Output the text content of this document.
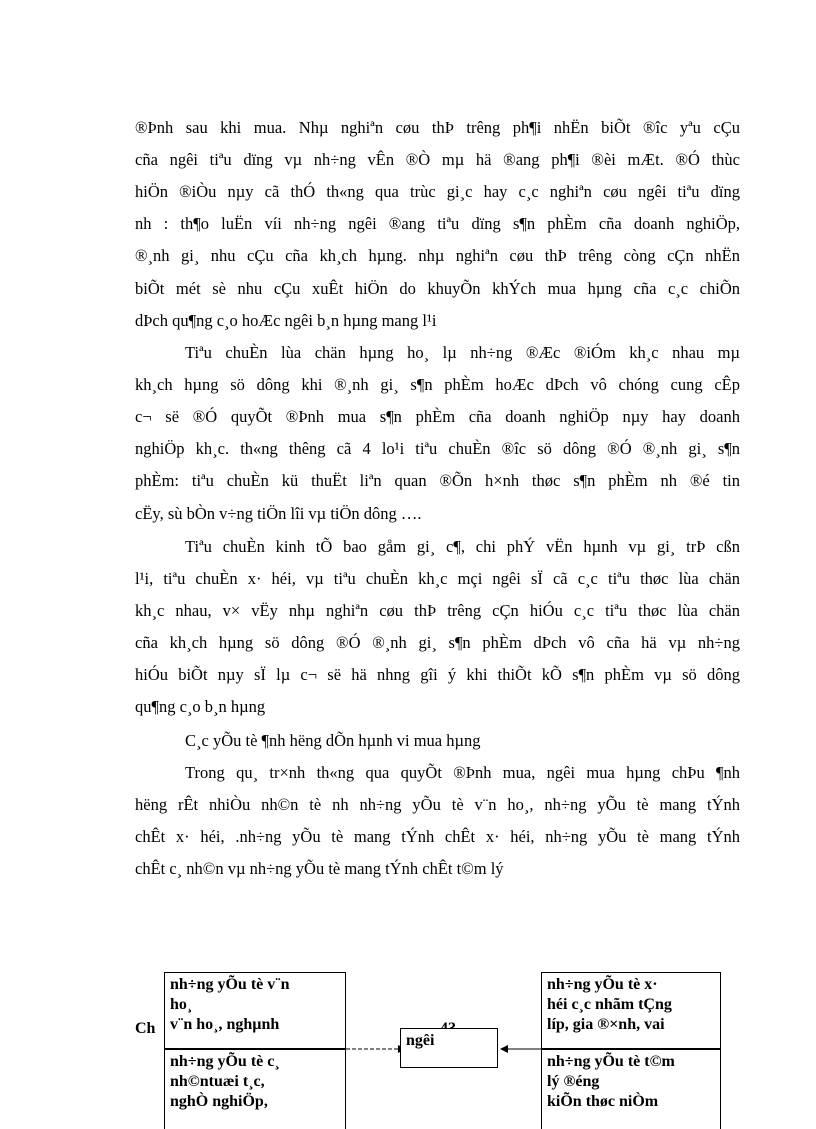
®Þnh sau khi mua. Nhµ nghiªn cøu thÞ trêng ph¶i nhËn biÕt ®îc yªu cÇu
cña ngêi tiªu dïng vµ nh÷ng vÊn ®Ò mµ hä ®ang ph¶i ®èi mÆt. ®Ó thùc
hiÖn ®iÒu nµy cã thÓ th«ng qua trùc gi¸c hay c¸c nghiªn cøu ngêi tiªu dïng
nh : th¶o luËn víi nh÷ng ngêi ®ang tiªu dïng s¶n phÈm cña doanh nghiÖp,
®¸nh gi¸ nhu cÇu cña kh¸ch hµng. nhµ nghiªn cøu thÞ trêng còng cÇn nhËn
biÕt mét sè nhu cÇu xuÊt hiÖn do khuyÕn khÝch mua hµng cña c¸c chiÕn
dÞch qu¶ng c¸o hoÆc ngêi b¸n hµng mang l¹i
Tiªu chuÈn lùa chän hµng ho¸ lµ nh÷ng ®Æc ®iÓm kh¸c nhau mµ
kh¸ch hµng sö dông khi ®¸nh gi¸ s¶n phÈm hoÆc dÞch vô chóng cung cÊp
c¬ së ®Ó quyÕt ®Þnh mua s¶n phÈm cña doanh nghiÖp nµy hay doanh
nghiÖp kh¸c. th«ng thêng cã 4 lo¹i tiªu chuÈn ®îc sö dông ®Ó ®¸nh gi¸ s¶n
phÈm: tiªu chuÈn kü thuËt liªn quan ®Õn h×nh thøc s¶n phÈm nh ®é tin
cËy, sù bÒn v÷ng tiÖn lîi vµ tiÖn dông ….
Tiªu chuÈn kinh tÕ bao gåm gi¸ c¶, chi phÝ vËn hµnh vµ gi¸ trÞ cßn
l¹i, tiªu chuÈn x· héi, vµ tiªu chuÈn kh¸c mçi ngêi sÏ cã c¸c tiªu thøc lùa chän
kh¸c nhau, v× vËy nhµ nghiªn cøu thÞ trêng cÇn hiÓu c¸c tiªu thøc lùa chän
cña kh¸ch hµng sö dông ®Ó ®¸nh gi¸ s¶n phÈm dÞch vô cña hä vµ nh÷ng
hiÓu biÕt nµy sÏ lµ c¬ së hä nhng gîi ý khi thiÕt kÕ s¶n phÈm vµ sö dông
qu¶ng c¸o b¸n hµng
C¸c yÕu tè ¶nh hëng dÕn hµnh vi mua hµng
Trong qu¸ tr×nh th«ng qua quyÕt ®Þnh mua, ngêi mua hµng chÞu ¶nh
hëng rÊt nhiÒu nh©n tè nh nh÷ng yÕu tè v¨n ho¸, nh÷ng yÕu tè mang tÝnh
chÊt x· héi, .nh÷ng yÕu tè mang tÝnh chÊt x· héi, nh÷ng yÕu tè mang tÝnh
chÊt c¸ nh©n vµ nh÷ng yÕu tè mang tÝnh chÊt t©m lý
Ch
nh÷ng yÕu tè v¨n
ho¸
v¨n ho¸, nghµnh
nh÷ng yÕu tè c¸
nh©ntuæi t¸c,
nghÒ nghiÖp,
ngêi
nh÷ng yÕu tè x·
héi c¸c nhãm tÇng
líp, gia ®×nh, vai
nh÷ng yÕu tè t©m
lý ®éng
kiÕn thøc niÒm
